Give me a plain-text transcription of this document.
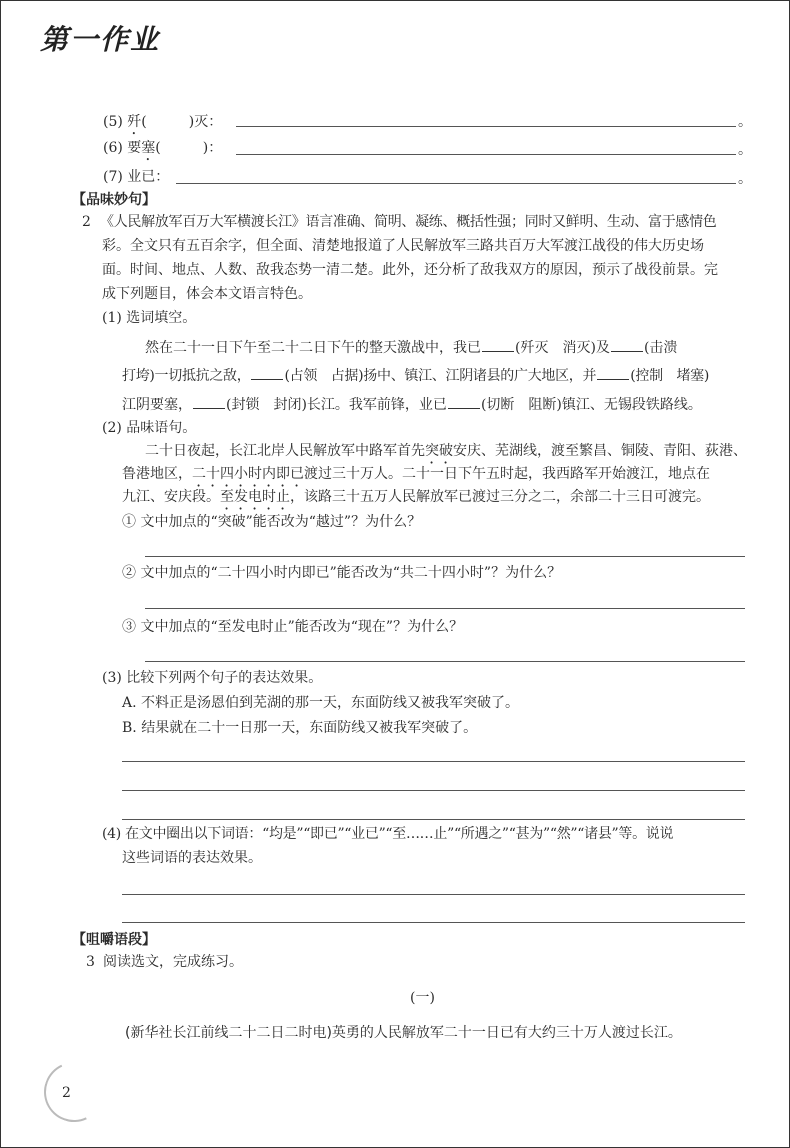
第一作业
(5) 歼(　　　)灭：	。
(6) 要塞(　　　)：	。
(7) 业已：	。
【品味妙句】
2 《人民解放军百万大军横渡长江》语言准确、简明、凝练、概括性强；同时又鲜明、生动、富于感情色
彩。全文只有五百余字，但全面、清楚地报道了人民解放军三路共百万大军渡江战役的伟大历史场
面。时间、地点、人数、敌我态势一清二楚。此外，还分析了敌我双方的原因，预示了战役前景。完
成下列题目，体会本文语言特色。
(1) 选词填空。
然在二十一日下午至二十二日下午的整天激战中，我已 (歼灭　消灭)及 (击溃
打垮)一切抵抗之敌， (占领　占据)扬中、镇江、江阴诸县的广大地区，并 (控制　堵塞)
江阴要塞， (封锁　封闭)长江。我军前锋，业已 (切断　阻断)镇江、无锡段铁路线。
(2) 品味语句。
二十日夜起，长江北岸人民解放军中路军首先突破安庆、芜湖线，渡至繁昌、铜陵、青阳、荻港、
鲁港地区，二十四小时内即已渡过三十万人。二十一日下午五时起，我西路军开始渡江，地点在
九江、安庆段。至发电时止，该路三十五万人民解放军已渡过三分之二，余部二十三日可渡完。
① 文中加点的“突破”能否改为“越过”？为什么？
② 文中加点的“二十四小时内即已”能否改为“共二十四小时”？为什么？
③ 文中加点的“至发电时止”能否改为“现在”？为什么？
(3) 比较下列两个句子的表达效果。
A. 不料正是汤恩伯到芜湖的那一天，东面防线又被我军突破了。
B. 结果就在二十一日那一天，东面防线又被我军突破了。
(4) 在文中圈出以下词语：“均是”“即已”“业已”“至……止”“所遇之”“甚为”“然”“诸县”等。说说
这些词语的表达效果。
【咀嚼语段】
3 阅读选文，完成练习。
(一)
(新华社长江前线二十二日二时电)英勇的人民解放军二十一日已有大约三十万人渡过长江。
2
